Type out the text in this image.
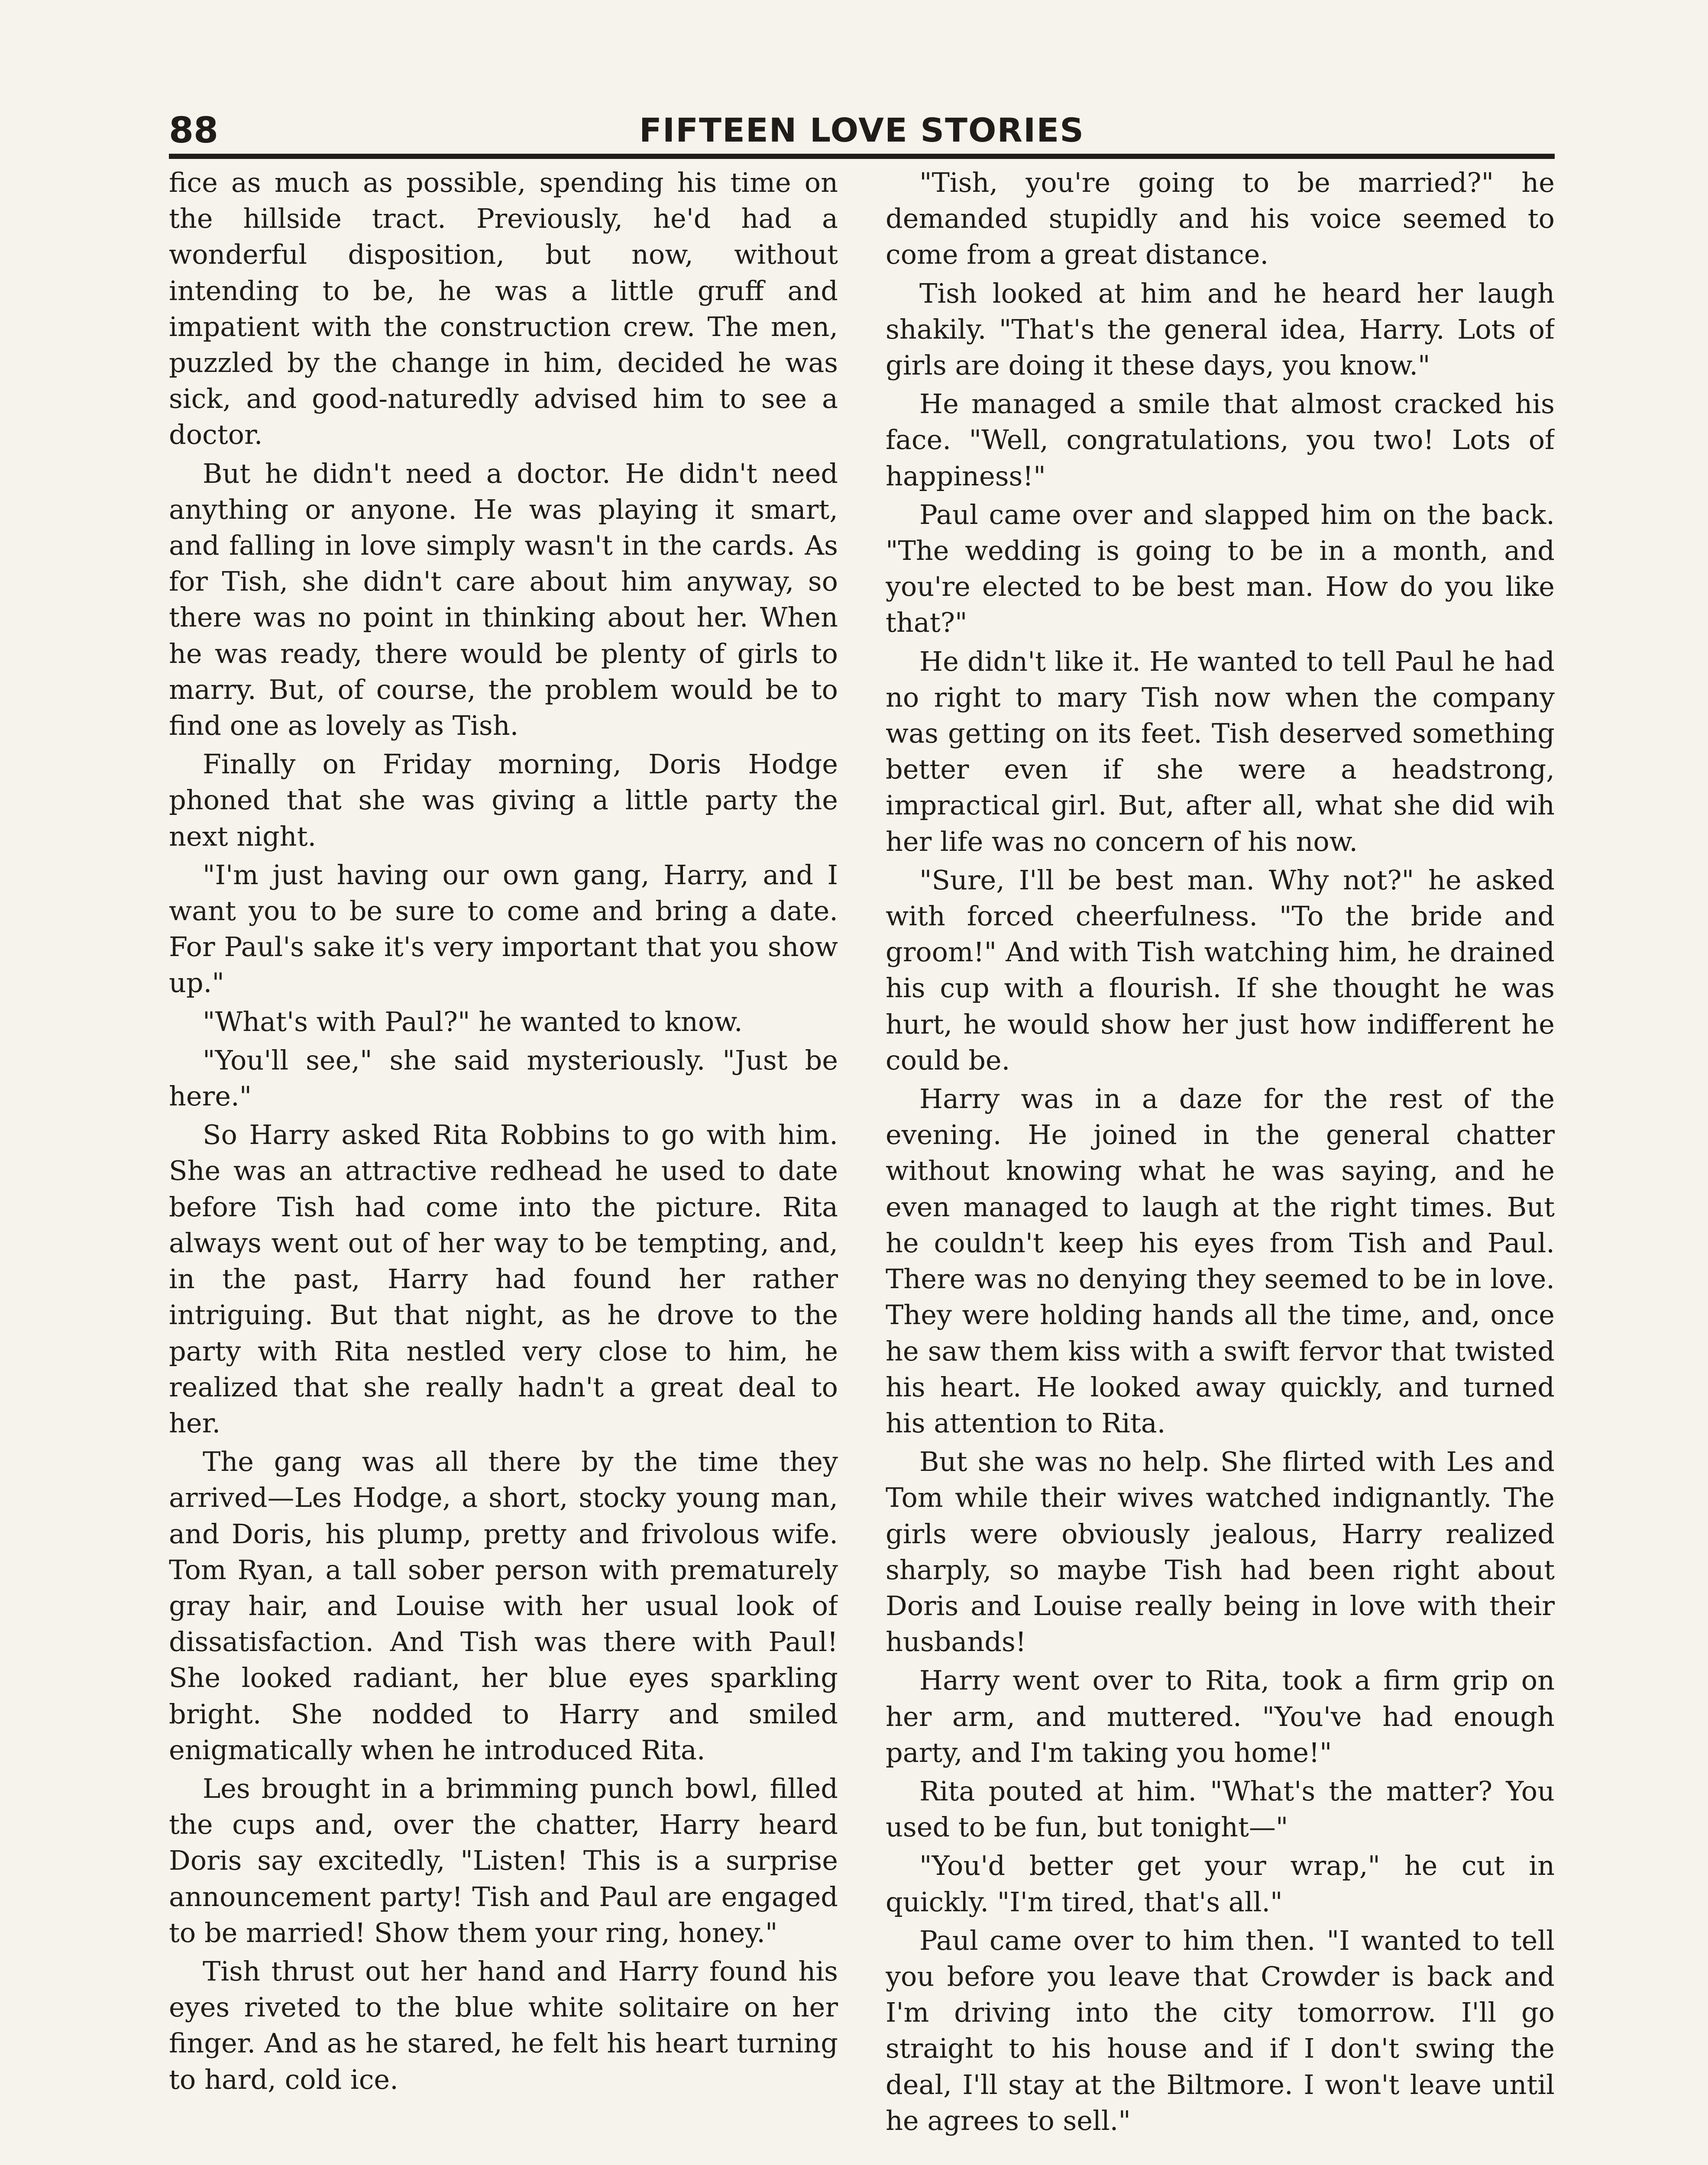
88	FIFTEEN LOVE STORIES

fice as much as possible, spending his time on the hillside tract. Previously, he'd had a wonderful disposition, but now, without intending to be, he was a little gruff and impatient with the construction crew. The men, puzzled by the change in him, decided he was sick, and good-naturedly advised him to see a doctor.

But he didn't need a doctor. He didn't need anything or anyone. He was playing it smart, and falling in love simply wasn't in the cards. As for Tish, she didn't care about him anyway, so there was no point in thinking about her. When he was ready, there would be plenty of girls to marry. But, of course, the problem would be to find one as lovely as Tish.

Finally on Friday morning, Doris Hodge phoned that she was giving a little party the next night.

"I'm just having our own gang, Harry, and I want you to be sure to come and bring a date. For Paul's sake it's very important that you show up."

"What's with Paul?" he wanted to know.

"You'll see," she said mysteriously. "Just be here."

So Harry asked Rita Robbins to go with him. She was an attractive redhead he used to date before Tish had come into the picture. Rita always went out of her way to be tempting, and, in the past, Harry had found her rather intriguing. But that night, as he drove to the party with Rita nestled very close to him, he realized that she really hadn't a great deal to her.

The gang was all there by the time they arrived—Les Hodge, a short, stocky young man, and Doris, his plump, pretty and frivolous wife. Tom Ryan, a tall sober person with prematurely gray hair, and Louise with her usual look of dissatisfaction. And Tish was there with Paul! She looked radiant, her blue eyes sparkling bright. She nodded to Harry and smiled enigmatically when he introduced Rita.

Les brought in a brimming punch bowl, filled the cups and, over the chatter, Harry heard Doris say excitedly, "Listen! This is a surprise announcement party! Tish and Paul are engaged to be married! Show them your ring, honey."

Tish thrust out her hand and Harry found his eyes riveted to the blue white solitaire on her finger. And as he stared, he felt his heart turning to hard, cold ice.

"Tish, you're going to be married?" he demanded stupidly and his voice seemed to come from a great distance.

Tish looked at him and he heard her laugh shakily. "That's the general idea, Harry. Lots of girls are doing it these days, you know."

He managed a smile that almost cracked his face. "Well, congratulations, you two! Lots of happiness!"

Paul came over and slapped him on the back. "The wedding is going to be in a month, and you're elected to be best man. How do you like that?"

He didn't like it. He wanted to tell Paul he had no right to mary Tish now when the company was getting on its feet. Tish deserved something better even if she were a headstrong, impractical girl. But, after all, what she did wih her life was no concern of his now.

"Sure, I'll be best man. Why not?" he asked with forced cheerfulness. "To the bride and groom!" And with Tish watching him, he drained his cup with a flourish. If she thought he was hurt, he would show her just how indifferent he could be.

Harry was in a daze for the rest of the evening. He joined in the general chatter without knowing what he was saying, and he even managed to laugh at the right times. But he couldn't keep his eyes from Tish and Paul. There was no denying they seemed to be in love. They were holding hands all the time, and, once he saw them kiss with a swift fervor that twisted his heart. He looked away quickly, and turned his attention to Rita.

But she was no help. She flirted with Les and Tom while their wives watched indignantly. The girls were obviously jealous, Harry realized sharply, so maybe Tish had been right about Doris and Louise really being in love with their husbands!

Harry went over to Rita, took a firm grip on her arm, and muttered. "You've had enough party, and I'm taking you home!"

Rita pouted at him. "What's the matter? You used to be fun, but tonight—"

"You'd better get your wrap," he cut in quickly. "I'm tired, that's all."

Paul came over to him then. "I wanted to tell you before you leave that Crowder is back and I'm driving into the city tomorrow. I'll go straight to his house and if I don't swing the deal, I'll stay at the Biltmore. I won't leave until he agrees to sell."
